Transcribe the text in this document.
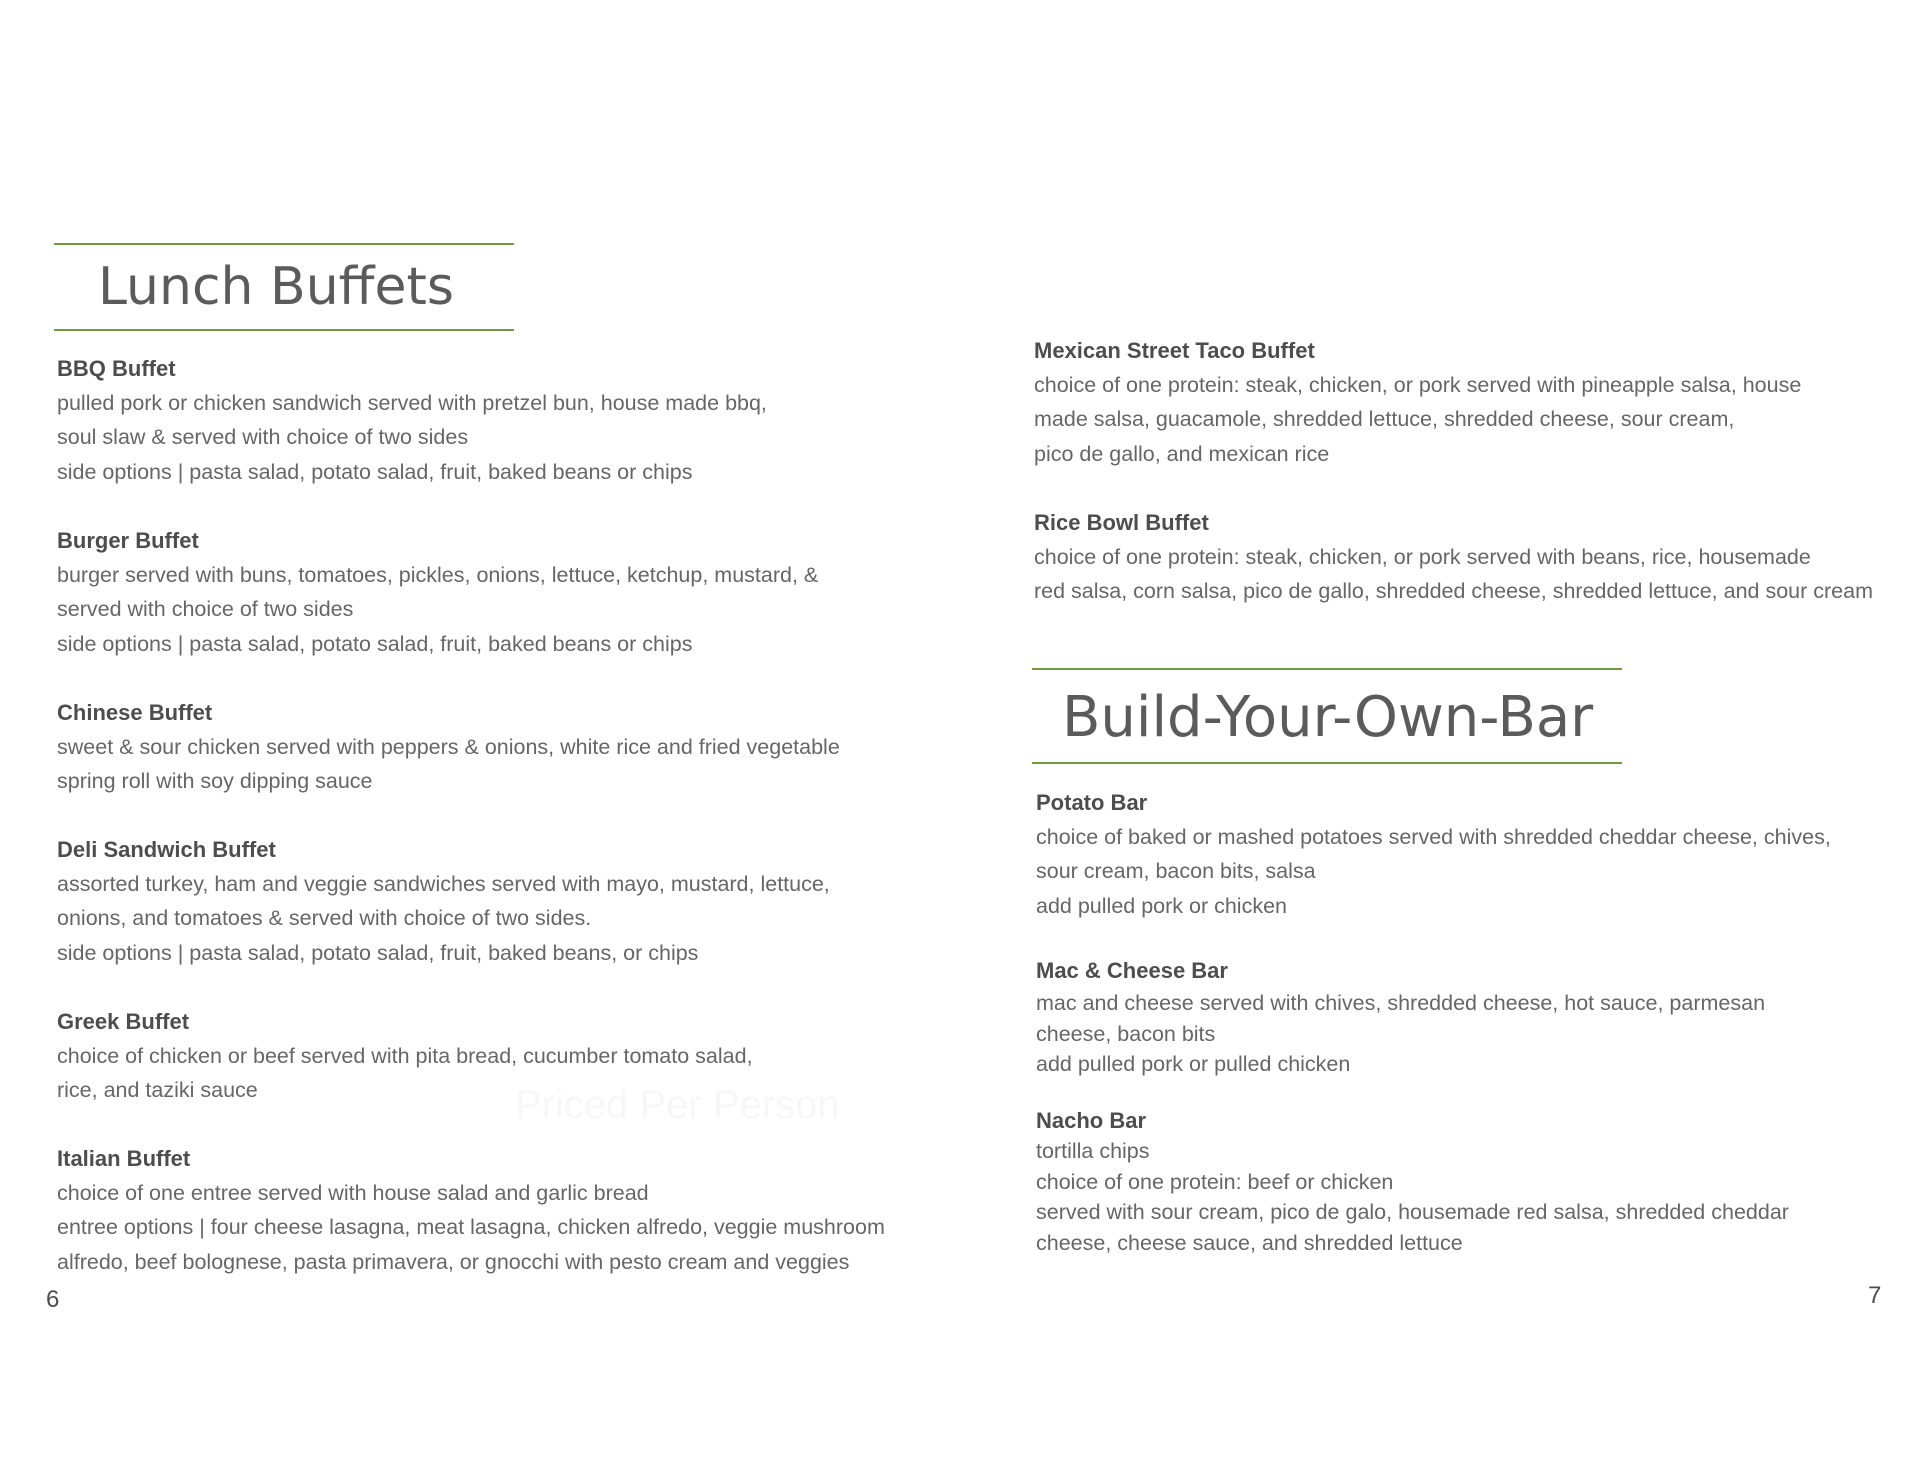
Lunch Buffets
BBQ Buffet
pulled pork or chicken sandwich served with pretzel bun, house made bbq,
soul slaw & served with choice of two sides
side options | pasta salad, potato salad, fruit, baked beans or chips
Burger Buffet
burger served with buns, tomatoes, pickles, onions, lettuce, ketchup, mustard, &
served with choice of two sides
side options | pasta salad, potato salad, fruit, baked beans or chips
Chinese Buffet
sweet & sour chicken served with peppers & onions, white rice and fried vegetable
spring roll with soy dipping sauce
Deli Sandwich Buffet
assorted turkey, ham and veggie sandwiches served with mayo, mustard, lettuce,
onions, and tomatoes & served with choice of two sides.
side options | pasta salad, potato salad, fruit, baked beans, or chips
Greek Buffet
choice of chicken or beef served with pita bread, cucumber tomato salad,
rice, and taziki sauce	Priced Per Person
Italian Buffet
choice of one entree served with house salad and garlic bread
entree options | four cheese lasagna, meat lasagna, chicken alfredo, veggie mushroom
alfredo, beef bolognese, pasta primavera, or gnocchi with pesto cream and veggies
6
Mexican Street Taco Buffet
choice of one protein: steak, chicken, or pork served with pineapple salsa, house
made salsa, guacamole, shredded lettuce, shredded cheese, sour cream,
pico de gallo, and mexican rice
Rice Bowl Buffet
choice of one protein: steak, chicken, or pork served with beans, rice, housemade
red salsa, corn salsa, pico de gallo, shredded cheese, shredded lettuce, and sour cream
Build-Your-Own-Bar
Potato Bar
choice of baked or mashed potatoes served with shredded cheddar cheese, chives,
sour cream, bacon bits, salsa
add pulled pork or chicken
Mac & Cheese Bar
mac and cheese served with chives, shredded cheese, hot sauce, parmesan
cheese, bacon bits
add pulled pork or pulled chicken
Nacho Bar
tortilla chips
choice of one protein: beef or chicken
served with sour cream, pico de galo, housemade red salsa, shredded cheddar
cheese, cheese sauce, and shredded lettuce
7
